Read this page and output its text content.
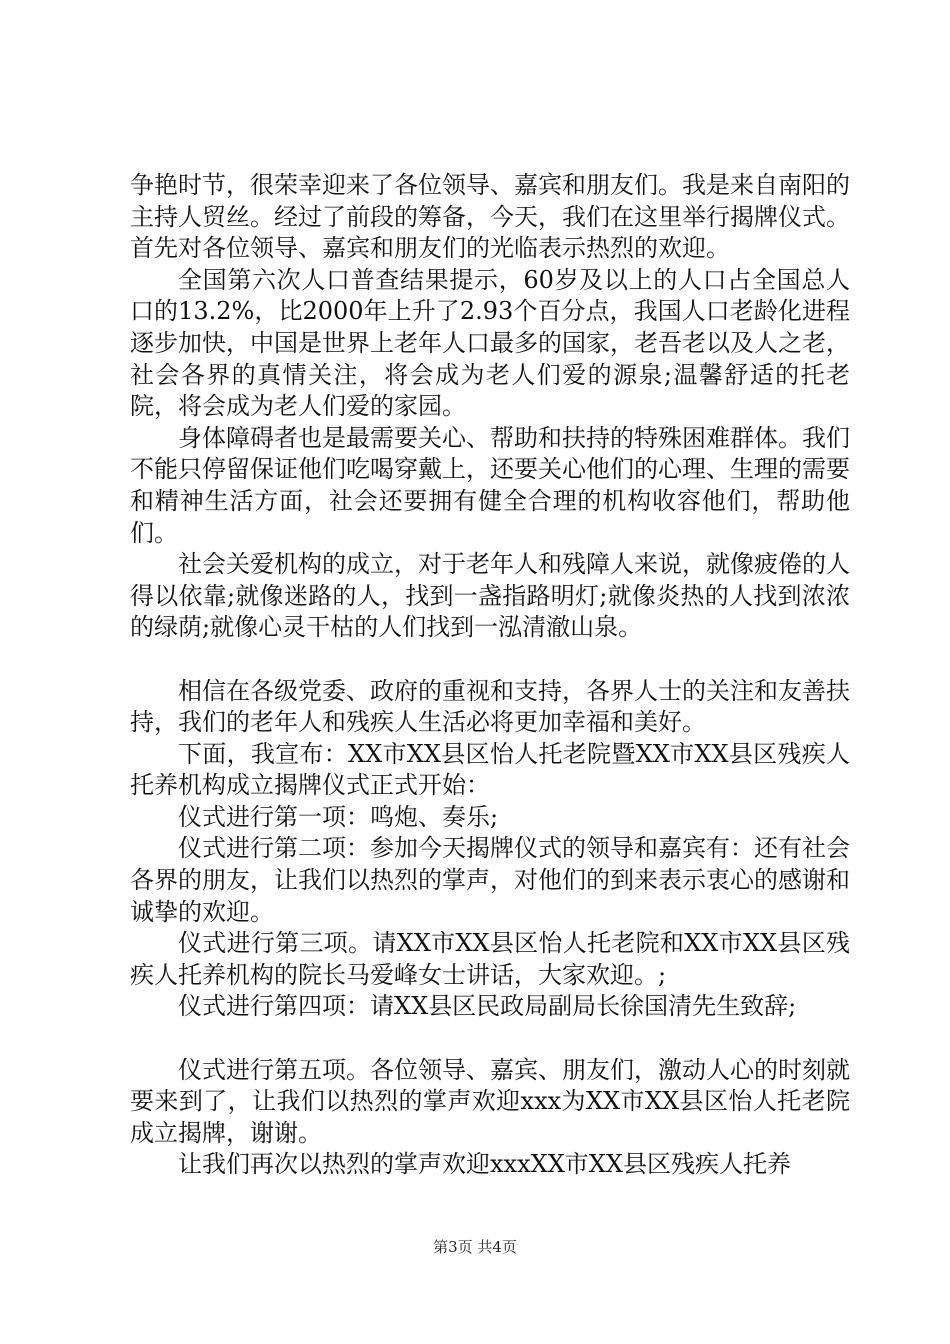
争艳时节，很荣幸迎来了各位领导、嘉宾和朋友们。我是来自南阳的主持人贸丝。经过了前段的筹备，今天，我们在这里举行揭牌仪式。首先对各位领导、嘉宾和朋友们的光临表示热烈的欢迎。

全国第六次人口普查结果提示，60岁及以上的人口占全国总人口的13.2%，比2000年上升了2.93个百分点，我国人口老龄化进程逐步加快，中国是世界上老年人口最多的国家，老吾老以及人之老，社会各界的真情关注，将会成为老人们爱的源泉;温馨舒适的托老院，将会成为老人们爱的家园。

身体障碍者也是最需要关心、帮助和扶持的特殊困难群体。我们不能只停留保证他们吃喝穿戴上，还要关心他们的心理、生理的需要和精神生活方面，社会还要拥有健全合理的机构收容他们，帮助他们。

社会关爱机构的成立，对于老年人和残障人来说，就像疲倦的人得以依靠;就像迷路的人，找到一盏指路明灯;就像炎热的人找到浓浓的绿荫;就像心灵干枯的人们找到一泓清澈山泉。

相信在各级党委、政府的重视和支持，各界人士的关注和友善扶持，我们的老年人和残疾人生活必将更加幸福和美好。

下面，我宣布：XX市XX县区怡人托老院暨XX市XX县区残疾人托养机构成立揭牌仪式正式开始：

仪式进行第一项：鸣炮、奏乐;

仪式进行第二项：参加今天揭牌仪式的领导和嘉宾有：还有社会各界的朋友，让我们以热烈的掌声，对他们的到来表示衷心的感谢和诚挚的欢迎。

仪式进行第三项。请XX市XX县区怡人托老院和XX市XX县区残疾人托养机构的院长马爱峰女士讲话，大家欢迎。;

仪式进行第四项：请XX县区民政局副局长徐国清先生致辞;

仪式进行第五项。各位领导、嘉宾、朋友们，激动人心的时刻就要来到了，让我们以热烈的掌声欢迎xxx为XX市XX县区怡人托老院成立揭牌，谢谢。

让我们再次以热烈的掌声欢迎xxxXX市XX县区残疾人托养

第3页 共4页
